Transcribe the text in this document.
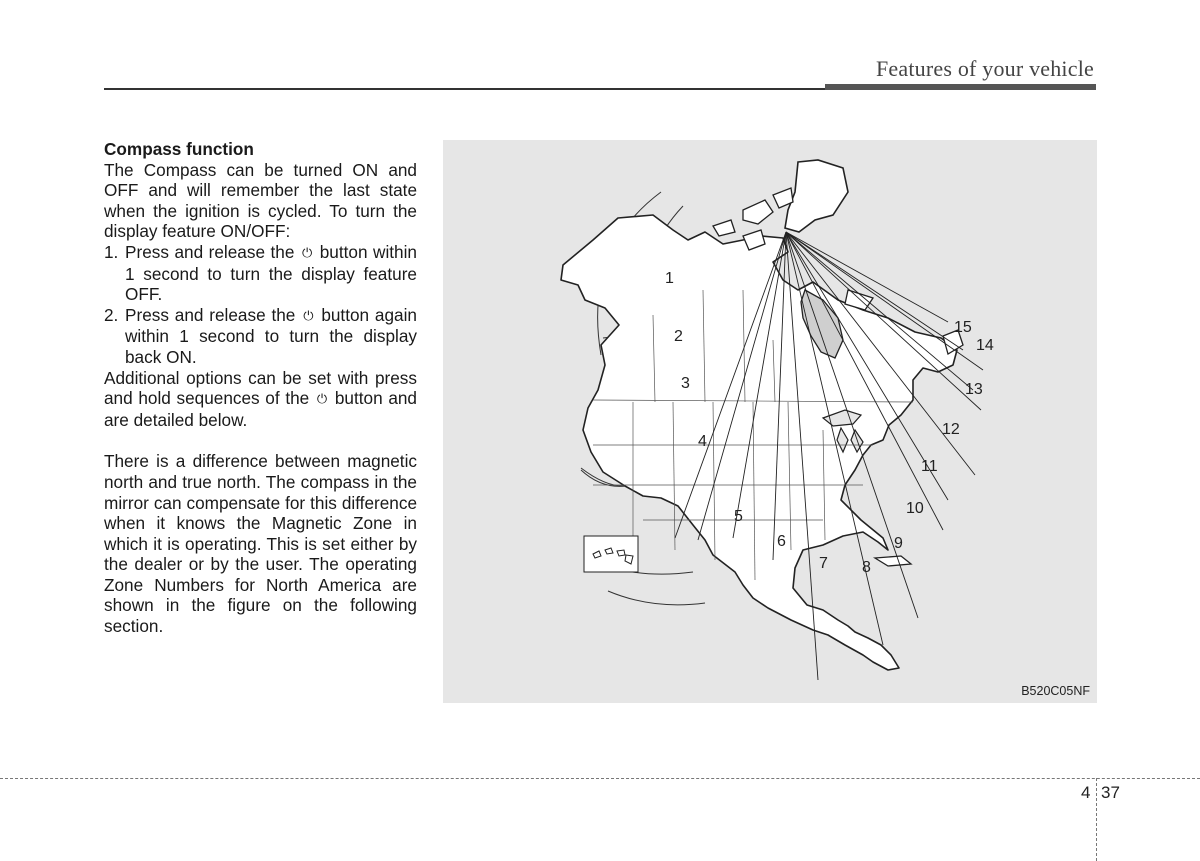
Features of your vehicle

Compass function

The Compass can be turned ON and OFF and will remember the last state when the ignition is cycled. To turn the display feature ON/OFF:

1. Press and release the ⏻ button within 1 second to turn the display feature OFF.
2. Press and release the ⏻ button again within 1 second to turn the display back ON.

Additional options can be set with press and hold sequences of the ⏻ button and are detailed below.

There is a difference between magnetic north and true north. The compass in the mirror can compensate for this difference when it knows the Magnetic Zone in which it is operating. This is set either by the dealer or by the user. The operating Zone Numbers for North America are shown in the figure on the following section.

1
2
3
4
5
6
7 8
9
10
11
12
13
14
15
B520C05NF
4 37
